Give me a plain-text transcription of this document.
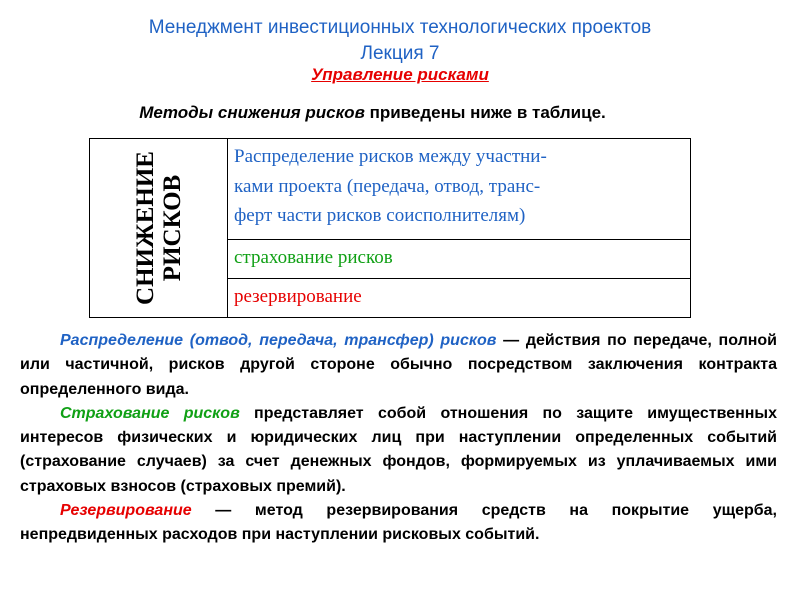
Менеджмент инвестиционных технологических проектов
Лекция 7
Управление рисками
Методы снижения рисков приведены ниже в таблице.
СНИЖЕНИЕ РИСКОВ
Распределение рисков между участни-
ками проекта (передача, отвод, транс-
ферт части рисков соисполнителям)
страхование рисков
резервирование

Распределение (отвод, передача, трансфер) рисков — действия по передаче, полной или частичной, рисков другой стороне обычно посредством заключения контракта определенного вида.

Страхование рисков представляет собой отношения по защите имущественных интересов физических и юридических лиц при наступлении определенных событий (страхование случаев) за счет денежных фондов, формируемых из уплачиваемых ими страховых взносов (страховых премий).

Резервирование — метод резервирования средств на покрытие ущерба, непредвиденных расходов при наступлении рисковых событий.
